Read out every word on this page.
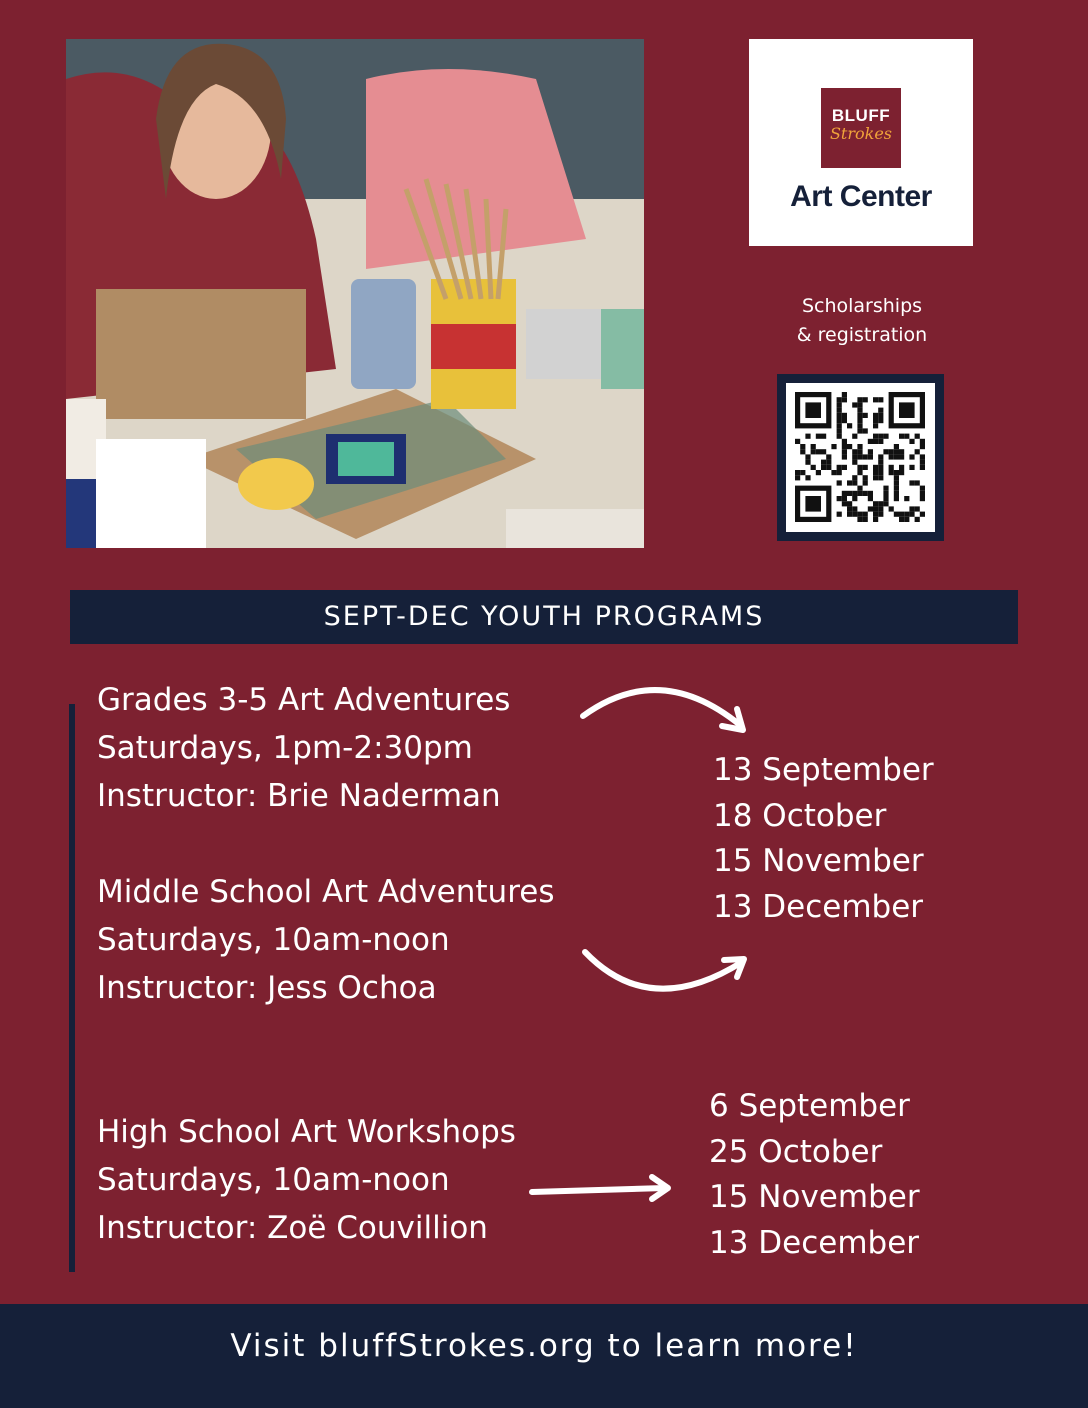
BLUFF
Strokes
Art Center
Scholarships
& registration
SEPT-DEC YOUTH PROGRAMS
Grades 3-5 Art Adventures
Saturdays, 1pm-2:30pm
Instructor: Brie Naderman
Middle School Art Adventures
Saturdays, 10am-noon
Instructor: Jess Ochoa
High School Art Workshops
Saturdays, 10am-noon
Instructor: Zoë Couvillion
13 September
18 October
15 November
13 December
6 September
25 October
15 November
13 December
Visit bluffStrokes.org to learn more!
